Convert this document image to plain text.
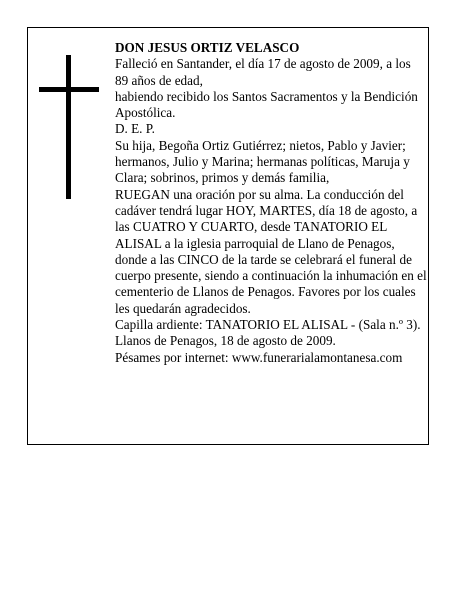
DON JESUS ORTIZ VELASCO

Falleció en Santander, el día 17 de agosto de 2009, a los 89 años de edad,

habiendo recibido los Santos Sacramentos y la Bendición Apostólica.

D. E. P.

Su hija, Begoña Ortiz Gutiérrez; nietos, Pablo y Javier; hermanos, Julio y Marina; hermanas políticas, Maruja y Clara; sobrinos, primos y demás familia,

RUEGAN una oración por su alma. La conducción del cadáver tendrá lugar HOY, MARTES, día 18 de agosto, a las CUATRO Y CUARTO, desde TANATORIO EL ALISAL a la iglesia parroquial de Llano de Penagos, donde a las CINCO de la tarde se celebrará el funeral de cuerpo presente, siendo a continuación la inhumación en el cementerio de Llanos de Penagos. Favores por los cuales les quedarán agradecidos.

Capilla ardiente: TANATORIO EL ALISAL - (Sala n.º 3).

Llanos de Penagos, 18 de agosto de 2009.

Pésames por internet: www.funerarialamontanesa.com
